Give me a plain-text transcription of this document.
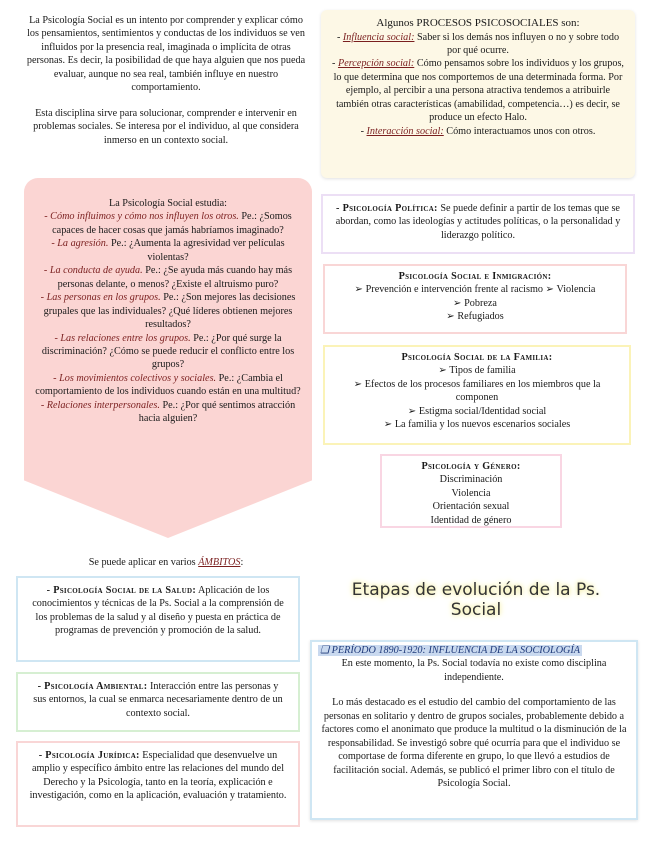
La Psicología Social es un intento por comprender y explicar cómo los pensamientos, sentimientos y conductas de los individuos se ven influidos por la presencia real, imaginada o implícita de otras personas. Es decir, la posibilidad de que haya alguien que nos pueda evaluar, aunque no sea real, también influye en nuestro comportamiento.
Esta disciplina sirve para solucionar, comprender e intervenir en problemas sociales. Se interesa por el individuo, al que considera inmerso en un contexto social.
Algunos PROCESOS PSICOSOCIALES son:
- Influencia social: Saber si los demás nos influyen o no y sobre todo por qué ocurre.
- Percepción social: Cómo pensamos sobre los individuos y los grupos, lo que determina que nos comportemos de una determinada forma. Por ejemplo, al percibir a una persona atractiva tendemos a atribuirle también otras características (amabilidad, competencia…) es decir, se produce un efecto Halo.
- Interacción social: Cómo interactuamos unos con otros.
La Psicología Social estudia:
- Cómo influimos y cómo nos influyen los otros. Pe.: ¿Somos capaces de hacer cosas que jamás habríamos imaginado?
- La agresión. Pe.: ¿Aumenta la agresividad ver películas violentas?
- La conducta de ayuda. Pe.: ¿Se ayuda más cuando hay más personas delante, o menos? ¿Existe el altruismo puro?
- Las personas en los grupos. Pe.: ¿Son mejores las decisiones grupales que las individuales? ¿Qué líderes obtienen mejores resultados?
- Las relaciones entre los grupos. Pe.: ¿Por qué surge la discriminación? ¿Cómo se puede reducir el conflicto entre los grupos?
- Los movimientos colectivos y sociales. Pe.: ¿Cambia el comportamiento de los individuos cuando están en una multitud?
- Relaciones interpersonales. Pe.: ¿Por qué sentimos atracción hacia alguien?
Se puede aplicar en varios ÁMBITOS:
- Psicología Social de la Salud: Aplicación de los conocimientos y técnicas de la Ps. Social a la comprensión de los problemas de la salud y al diseño y puesta en práctica de programas de prevención y promoción de la salud.
- Psicología Ambiental: Interacción entre las personas y sus entornos, la cual se enmarca necesariamente dentro de un contexto social.
- Psicología Jurídica: Especialidad que desenvuelve un amplio y específico ámbito entre las relaciones del mundo del Derecho y la Psicología, tanto en la teoría, explicación e investigación, como en la aplicación, evaluación y tratamiento.
- Psicología Política: Se puede definir a partir de los temas que se abordan, como las ideologías y actitudes políticas, o la personalidad y liderazgo político.
Psicología Social e Inmigración:
➢ Prevención e intervención frente al racismo ➢ Violencia
➢ Pobreza
➢ Refugiados
Psicología Social de la Familia:
➢ Tipos de familia
➢ Efectos de los procesos familiares en los miembros que la componen
➢ Estigma social/Identidad social
➢ La familia y los nuevos escenarios sociales
Psicología y Género:
Discriminación
Violencia
Orientación sexual
Identidad de género
Etapas de evolución de la Ps. Social
❑ PERÍODO 1890-1920: INFLUENCIA DE LA SOCIOLOGÍA
En este momento, la Ps. Social todavía no existe como disciplina independiente.
Lo más destacado es el estudio del cambio del comportamiento de las personas en solitario y dentro de grupos sociales, probablemente debido a factores como el anonimato que produce la multitud o la disminución de la responsabilidad. Se investigó sobre qué ocurría para que el individuo se comportase de forma diferente en grupo, lo que llevó a estudios de facilitación social. Además, se publicó el primer libro con el título de Psicología Social.
